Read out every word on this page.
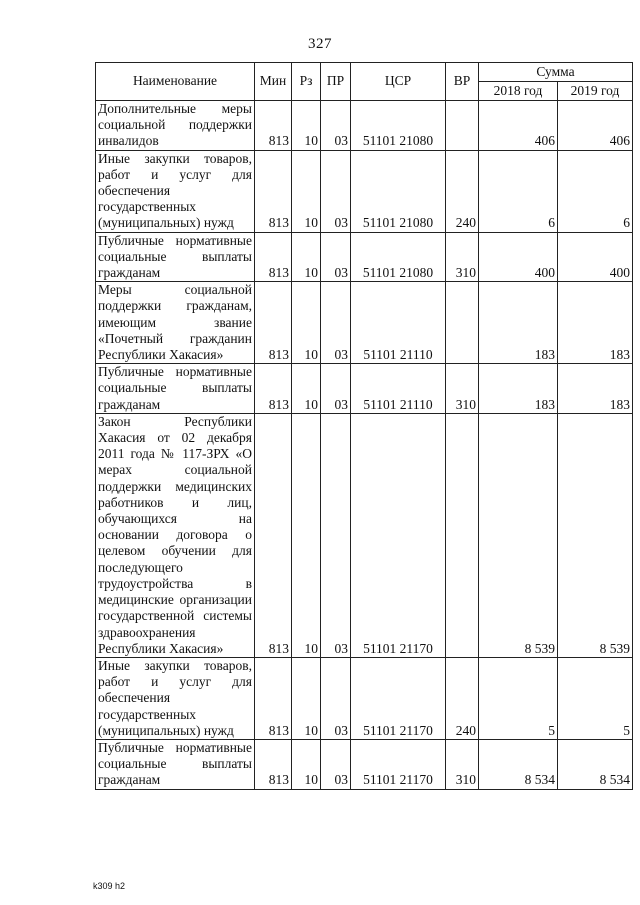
327
Наименование	Мин	Рз	ПР	ЦСР	ВР	Сумма	
						2018 год	2019 год
Дополнительные меры социальной поддержки инвалидов	813	10	03	51101 21080		406	406
Иные закупки товаров, работ и услуг для обеспечения государственных (муниципальных) нужд	813	10	03	51101 21080	240	6	6
Публичные нормативные социальные выплаты гражданам	813	10	03	51101 21080	310	400	400
Меры социальной поддержки гражданам, имеющим звание «Почетный гражданин Республики Хакасия»	813	10	03	51101 21110		183	183
Публичные нормативные социальные выплаты гражданам	813	10	03	51101 21110	310	183	183
Закон Республики Хакасия от 02 декабря 2011 года № 117-ЗРХ «О мерах социальной поддержки медицинских работников и лиц, обучающихся на основании договора о целевом обучении для последующего трудоустройства в медицинские организации государственной системы здравоохранения Республики Хакасия»	813	10	03	51101 21170		8 539	8 539
Иные закупки товаров, работ и услуг для обеспечения государственных (муниципальных) нужд	813	10	03	51101 21170	240	5	5
Публичные нормативные социальные выплаты гражданам	813	10	03	51101 21170	310	8 534	8 534
k309 h2
